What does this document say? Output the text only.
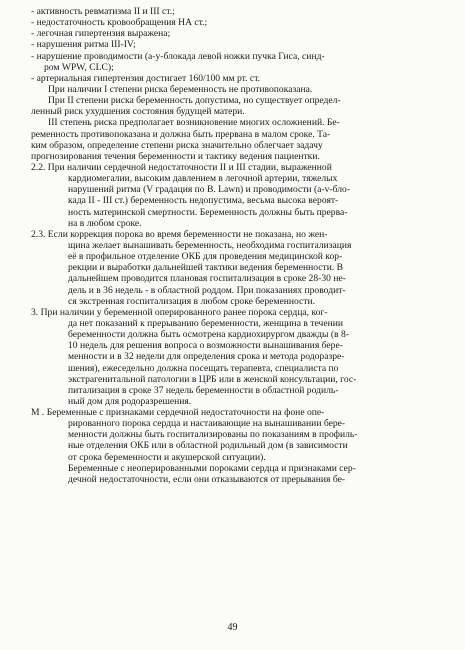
- активность ревматизма II и III ст.;
- недостаточность кровообращения НА ст.;
- легочная гипертензия выражена;
- нарушения ритма III-IV;
- нарушение проводимости (а-у-блокада левой ножки пучка Гиса, синд-
ром WPW, CLC);
- артериальная гипертензия достигает 160/100 мм рт. ст.
При наличии I степени риска беременность не противопоказана.
При II степени риска беременность допустима, но существует определ-
ленный риск ухудшения состояния будущей матери.
III степень риска предполагает возникновение многих осложнений. Бе-
ременность противопоказана и должна быть прервана в малом сроке. Та-
ким образом, определение степени риска значительно облегчает задачу
прогнозирования течения беременности и тактику ведения пациентки.
2.2. При наличии сердечной недостаточности II и III стадии, выраженной
кардиомегалии, высоким давлением в легочной артерии, тяжелых
нарушений ритма (V градация по В. Lawn) и проводимости (а-v-бло-
када II - III ст.) беременность недопустима, весьма высока вероят-
ность материнской смертности. Беременность должны быть прерва-
на в любом сроке.
2.3. Если коррекция порока во время беременности не показана, но жен-
щина желает вынашивать беременность, необходима госпитализация
её в профильное отделение ОКБ для проведения медицинской кор-
рекции и выработки дальнейшей тактики ведения беременности. В
дальнейшем проводится плановая госпитализация в сроке 28-30 не-
дель и в 36 недель - в областной роддом. При показаниях проводит-
ся экстренная госпитализация в любом сроке беременности.
3. При наличии у беременной оперированного ранее порока сердца, ког-
да нет показаний к прерыванию беременности, женщина в течении
беременности должна быть осмотрена кардиохирургом дважды (в 8-
10 недель для решения вопроса о возможности вынашивания бере-
менности и в 32 недели для определения срока и метода родоразре-
шения), ежеседельно должна посещать терапевта, специалиста по
экстрагенитальной патологии в ЦРБ или в женской консультации, гос-
питализация в сроке 37 недель беременности в областной родиль-
ный дом для родоразрешения.
М . Беременные с признаками сердечной недостаточности на фоне опе-
рированного порока сердца и настаивающие на вынашивании бере-
менности должны быть госпитализированы по показаниям в профиль-
ные отделения ОКБ или в областной родильный дом (в зависимости
от срока беременности и акушерской ситуации).
Беременные с неоперированными пороками сердца и признаками сер-
дечной недостаточности, если они отказываются от прерывания бе-
49
